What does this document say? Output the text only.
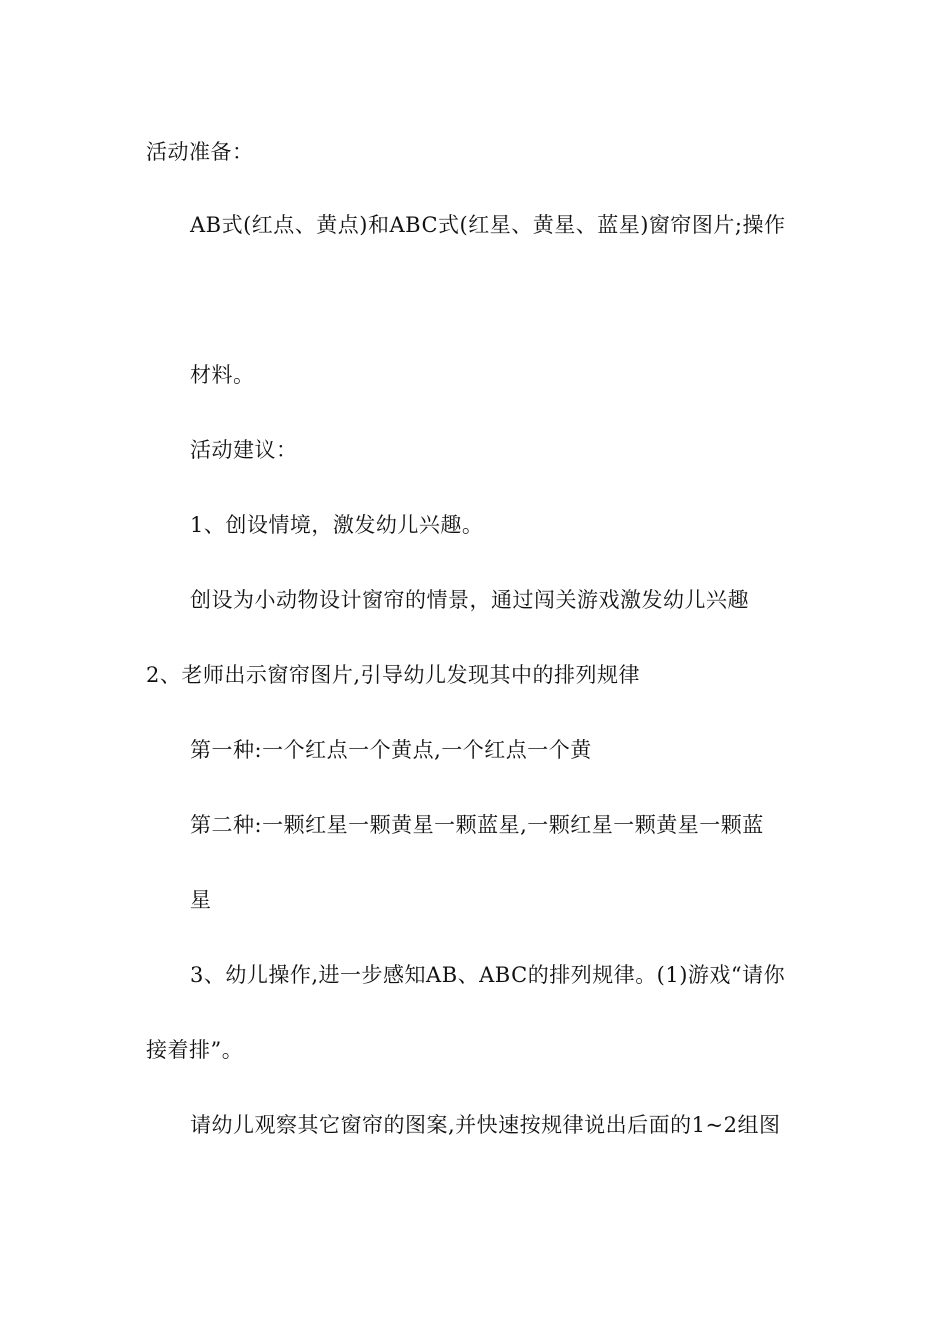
活动准备：
AB式(红点、黄点)和ABC式(红星、黄星、蓝星)窗帘图片;操作
材料。
活动建议：
1、创设情境，激发幼儿兴趣。
创设为小动物设计窗帘的情景，通过闯关游戏激发幼儿兴趣
2、老师出示窗帘图片,引导幼儿发现其中的排列规律
第一种:一个红点一个黄点,一个红点一个黄
第二种:一颗红星一颗黄星一颗蓝星,一颗红星一颗黄星一颗蓝
星
3、幼儿操作,进一步感知AB、ABC的排列规律。(1)游戏“请你
接着排”。
请幼儿观察其它窗帘的图案,并快速按规律说出后面的1~2组图
